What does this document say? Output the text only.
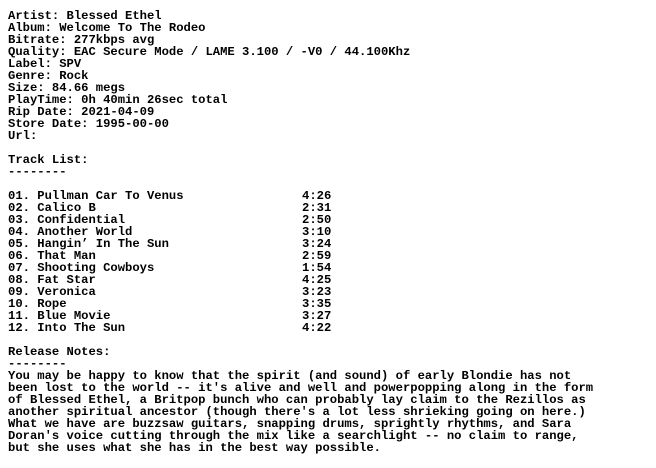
Artist: Blessed Ethel
Album: Welcome To The Rodeo
Bitrate: 277kbps avg
Quality: EAC Secure Mode / LAME 3.100 / -V0 / 44.100Khz
Label: SPV
Genre: Rock
Size: 84.66 megs
PlayTime: 0h 40min 26sec total
Rip Date: 2021-04-09
Store Date: 1995-00-00
Url:
Track List:
--------
01. Pullman Car To Venus	4:26
02. Calico B	2:31
03. Confidential	2:50
04. Another World	3:10
05. Hangin’ In The Sun	3:24
06. That Man	2:59
07. Shooting Cowboys	1:54
08. Fat Star	4:25
09. Veronica	3:23
10. Rope	3:35
11. Blue Movie	3:27
12. Into The Sun	4:22
Release Notes:
--------
You may be happy to know that the spirit (and sound) of early Blondie has not
been lost to the world -- it's alive and well and powerpopping along in the form
of Blessed Ethel, a Britpop bunch who can probably lay claim to the Rezillos as
another spiritual ancestor (though there's a lot less shrieking going on here.)
What we have are buzzsaw guitars, snapping drums, sprightly rhythms, and Sara
Doran's voice cutting through the mix like a searchlight -- no claim to range,
but she uses what she has in the best way possible.
